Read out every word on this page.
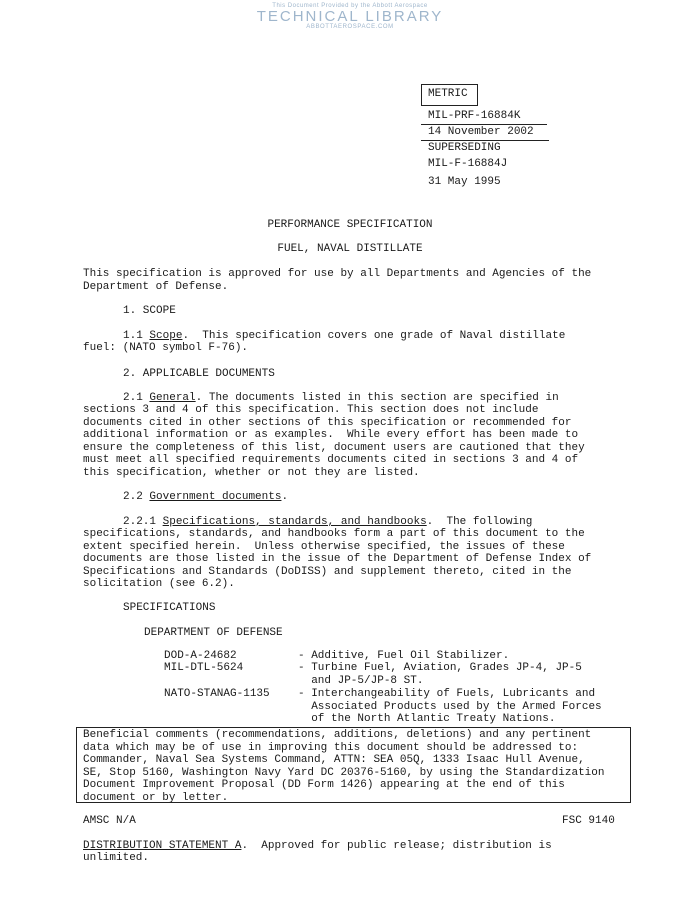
This Document Provided by the Abbott Aerospace
TECHNICAL LIBRARY
ABBOTTAEROSPACE.COM
METRIC
MIL-PRF-16884K
14 November 2002
SUPERSEDING
MIL-F-16884J
31 May 1995
PERFORMANCE SPECIFICATION
FUEL, NAVAL DISTILLATE
This specification is approved for use by all Departments and Agencies of the
Department of Defense.
1. SCOPE
1.1 Scope.  This specification covers one grade of Naval distillate
fuel: (NATO symbol F-76).
2. APPLICABLE DOCUMENTS
2.1 General. The documents listed in this section are specified in
sections 3 and 4 of this specification. This section does not include
documents cited in other sections of this specification or recommended for
additional information or as examples.  While every effort has been made to
ensure the completeness of this list, document users are cautioned that they
must meet all specified requirements documents cited in sections 3 and 4 of
this specification, whether or not they are listed.
2.2 Government documents.
2.2.1 Specifications, standards, and handbooks.  The following
specifications, standards, and handbooks form a part of this document to the
extent specified herein.  Unless otherwise specified, the issues of these
documents are those listed in the issue of the Department of Defense Index of
Specifications and Standards (DoDISS) and supplement thereto, cited in the
solicitation (see 6.2).
SPECIFICATIONS
DEPARTMENT OF DEFENSE
DOD-A-24682	- Additive, Fuel Oil Stabilizer.
MIL-DTL-5624	- Turbine Fuel, Aviation, Grades JP-4, JP-5
and JP-5/JP-8 ST.
NATO-STANAG-1135	- Interchangeability of Fuels, Lubricants and
Associated Products used by the Armed Forces
of the North Atlantic Treaty Nations.
Beneficial comments (recommendations, additions, deletions) and any pertinent
data which may be of use in improving this document should be addressed to:
Commander, Naval Sea Systems Command, ATTN: SEA 05Q, 1333 Isaac Hull Avenue,
SE, Stop 5160, Washington Navy Yard DC 20376-5160, by using the Standardization
Document Improvement Proposal (DD Form 1426) appearing at the end of this
document or by letter.
AMSC N/A	FSC 9140
DISTRIBUTION STATEMENT A.  Approved for public release; distribution is
unlimited.
